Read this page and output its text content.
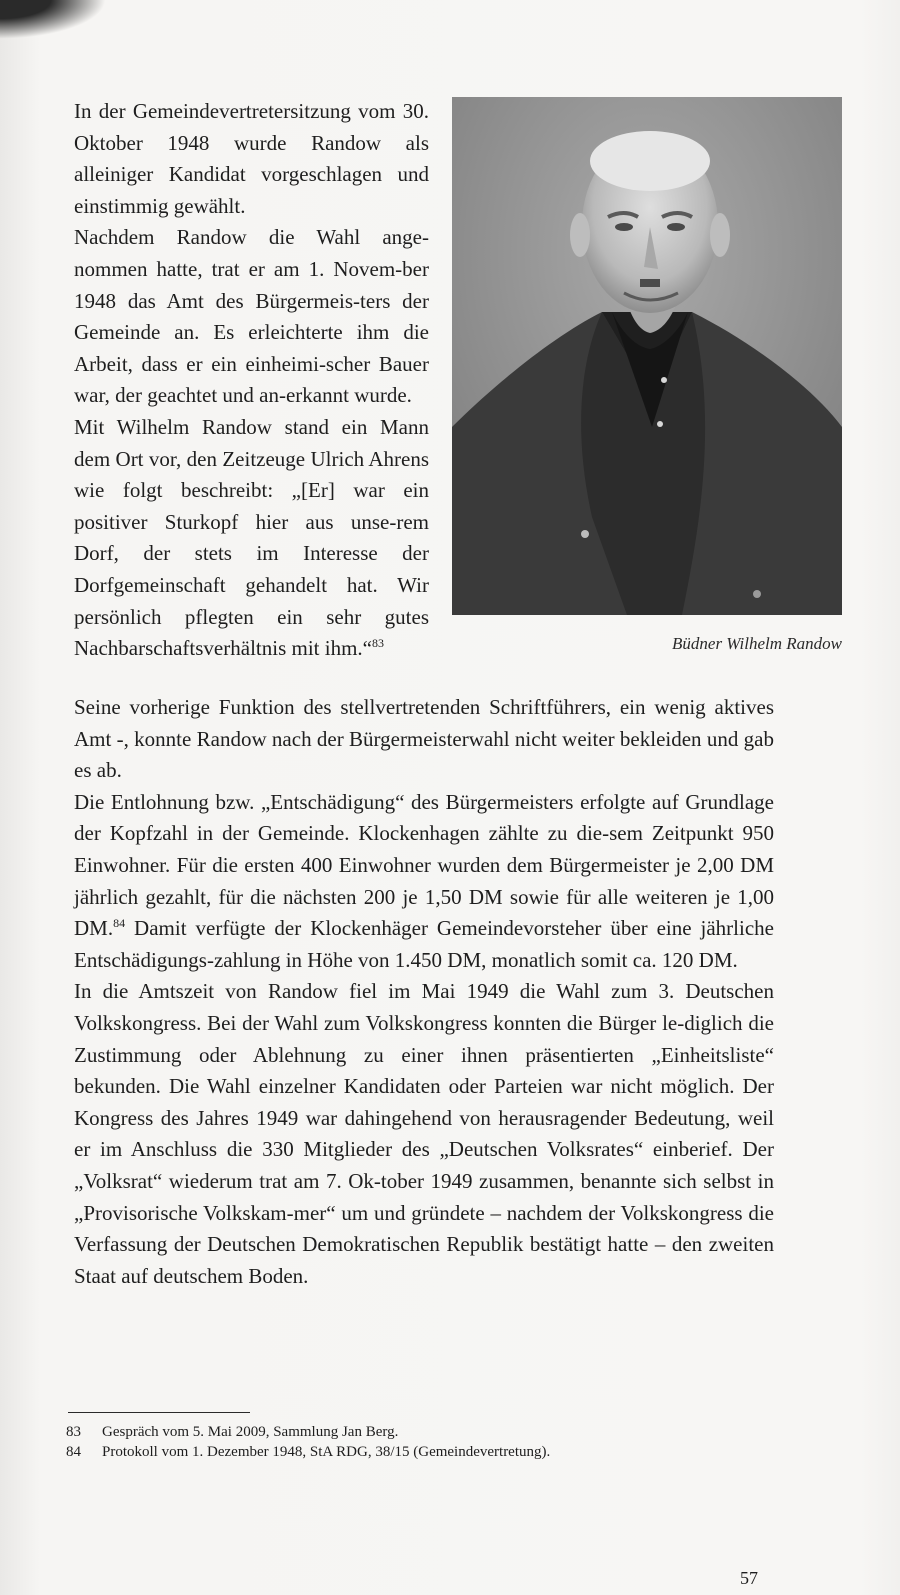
In der Gemeindevertretersitzung vom 30. Oktober 1948 wurde Randow als alleiniger Kandidat vorgeschlagen und einstimmig gewählt.

Nachdem Randow die Wahl ange-nommen hatte, trat er am 1. Novem-ber 1948 das Amt des Bürgermeis-ters der Gemeinde an. Es erleichterte ihm die Arbeit, dass er ein einheimi-scher Bauer war, der geachtet und an-erkannt wurde.

Mit Wilhelm Randow stand ein Mann dem Ort vor, den Zeitzeuge Ulrich Ahrens wie folgt beschreibt: „[Er] war ein positiver Sturkopf hier aus unse-rem Dorf, der stets im Interesse der Dorfgemeinschaft gehandelt hat. Wir persönlich pflegten ein sehr gutes Nachbarschaftsverhältnis mit ihm.“$^{83}$	Büdner Wilhelm Randow

Seine vorherige Funktion des stellvertretenden Schriftführers, ein wenig aktives Amt -, konnte Randow nach der Bürgermeisterwahl nicht weiter bekleiden und gab es ab.

Die Entlohnung bzw. „Entschädigung“ des Bürgermeisters erfolgte auf Grundlage der Kopfzahl in der Gemeinde. Klockenhagen zählte zu die-sem Zeitpunkt 950 Einwohner. Für die ersten 400 Einwohner wurden dem Bürgermeister je 2,00 DM jährlich gezahlt, für die nächsten 200 je 1,50 DM sowie für alle weiteren je 1,00 DM.$^{84}$ Damit verfügte der Klockenhäger Gemeindevorsteher über eine jährliche Entschädigungs-zahlung in Höhe von 1.450 DM, monatlich somit ca. 120 DM.

In die Amtszeit von Randow fiel im Mai 1949 die Wahl zum 3. Deutschen Volkskongress. Bei der Wahl zum Volkskongress konnten die Bürger le-diglich die Zustimmung oder Ablehnung zu einer ihnen präsentierten „Einheitsliste“ bekunden. Die Wahl einzelner Kandidaten oder Parteien war nicht möglich. Der Kongress des Jahres 1949 war dahingehend von herausragender Bedeutung, weil er im Anschluss die 330 Mitglieder des „Deutschen Volksrates“ einberief. Der „Volksrat“ wiederum trat am 7. Ok-tober 1949 zusammen, benannte sich selbst in „Provisorische Volkskam-mer“ um und gründete – nachdem der Volkskongress die Verfassung der Deutschen Demokratischen Republik bestätigt hatte – den zweiten Staat auf deutschem Boden.

83	Gespräch vom 5. Mai 2009, Sammlung Jan Berg.
84	Protokoll vom 1. Dezember 1948, StA RDG, 38/15 (Gemeindevertretung).
57
